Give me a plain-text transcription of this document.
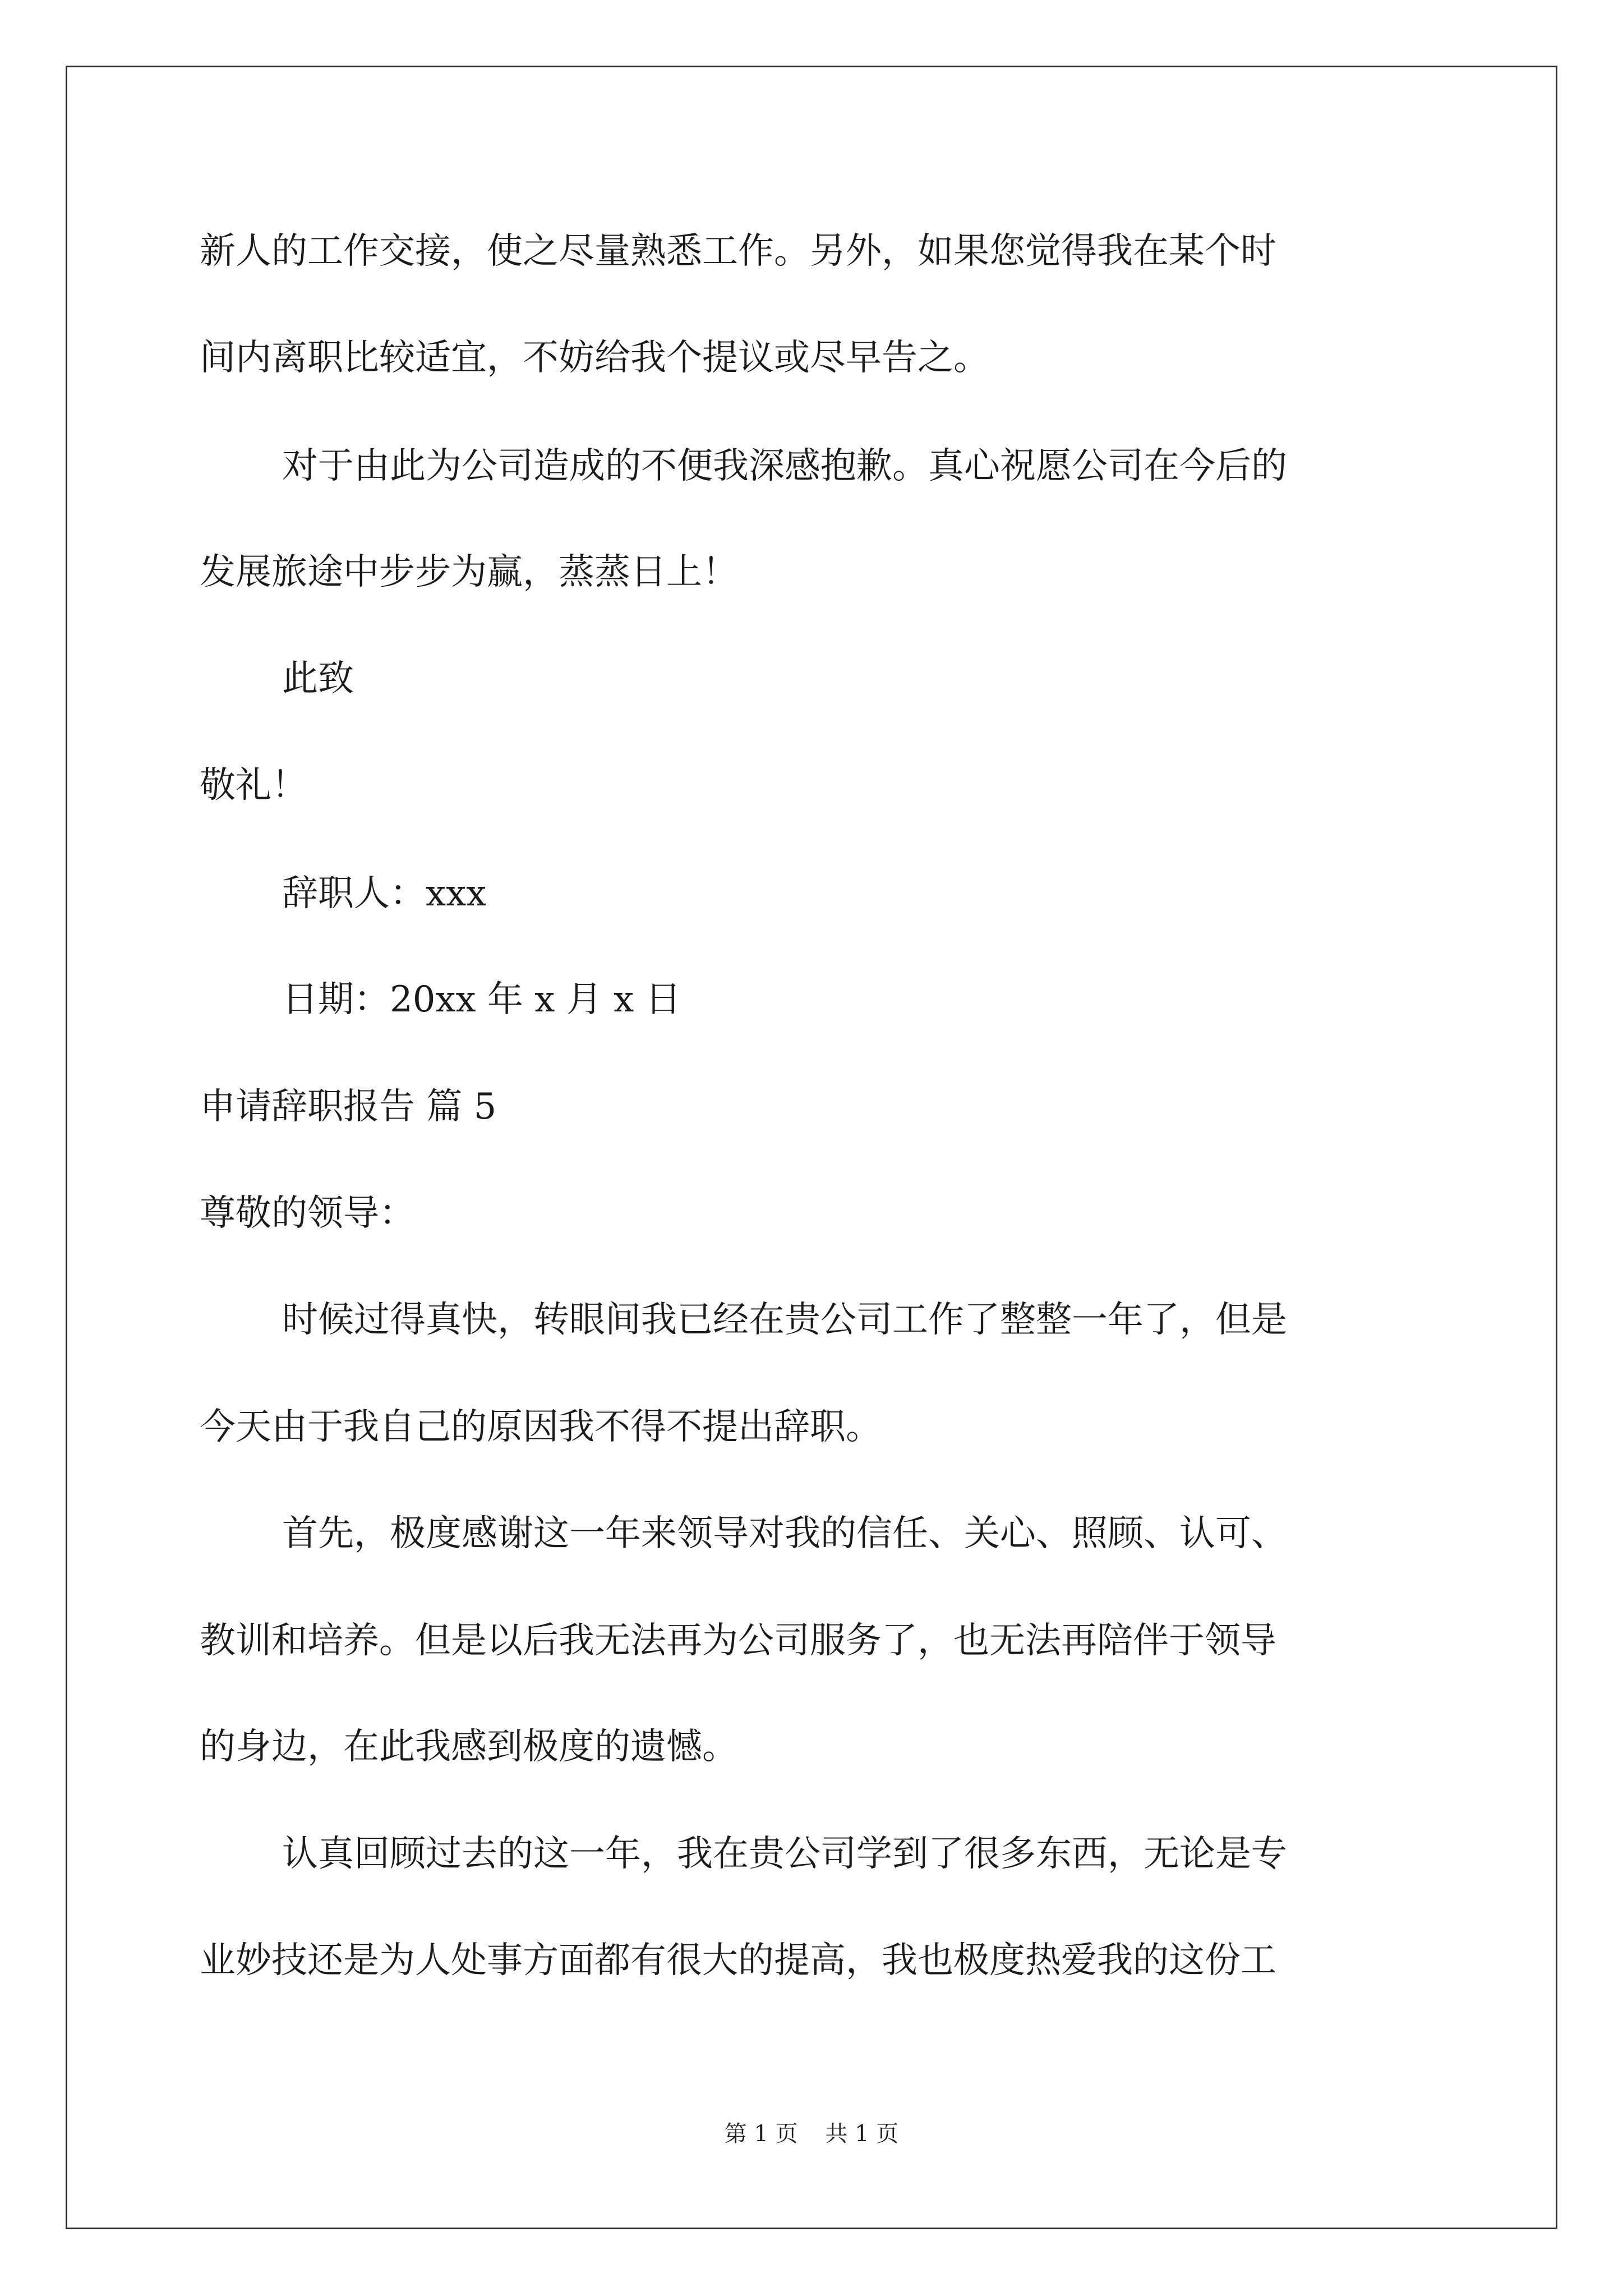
新人的工作交接，使之尽量熟悉工作。另外，如果您觉得我在某个时
间内离职比较适宜，不妨给我个提议或尽早告之。
对于由此为公司造成的不便我深感抱歉。真心祝愿公司在今后的
发展旅途中步步为赢，蒸蒸日上！
此致
敬礼！
辞职人：xxx
日期：20xx 年 x 月 x 日
申请辞职报告 篇 5
尊敬的领导：
时候过得真快，转眼间我已经在贵公司工作了整整一年了，但是
今天由于我自己的原因我不得不提出辞职。
首先，极度感谢这一年来领导对我的信任、关心、照顾、认可、
教训和培养。但是以后我无法再为公司服务了，也无法再陪伴于领导
的身边，在此我感到极度的遗憾。
认真回顾过去的这一年，我在贵公司学到了很多东西，无论是专
业妙技还是为人处事方面都有很大的提高，我也极度热爱我的这份工
第 1 页 共 1 页
